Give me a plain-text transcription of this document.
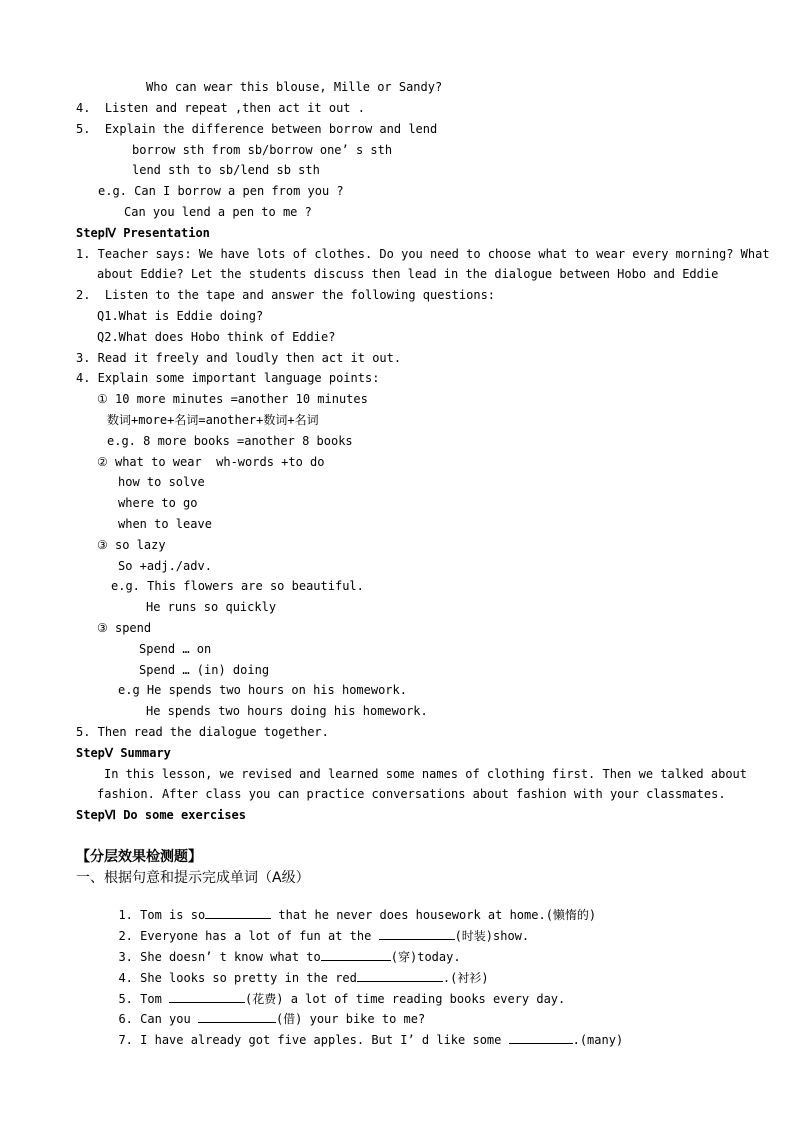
Who can wear this blouse, Mille or Sandy?
4.  Listen and repeat ,then act it out .
5.  Explain the difference between borrow and lend
borrow sth from sb/borrow one’ s sth
lend sth to sb/lend sb sth
e.g. Can I borrow a pen from you ?
Can you lend a pen to me ?
StepⅣ Presentation
1. Teacher says: We have lots of clothes. Do you need to choose what to wear every morning? What
about Eddie? Let the students discuss then lead in the dialogue between Hobo and Eddie
2.  Listen to the tape and answer the following questions:
Q1.What is Eddie doing?
Q2.What does Hobo think of Eddie?
3. Read it freely and loudly then act it out.
4. Explain some important language points:
① 10 more minutes =another 10 minutes
数词+more+名词=another+数词+名词
e.g. 8 more books =another 8 books
② what to wear  wh-words +to do
how to solve
where to go
when to leave
③ so lazy
So +adj./adv.
e.g. This flowers are so beautiful.
He runs so quickly
③ spend
Spend … on
Spend … (in) doing
e.g He spends two hours on his homework.
He spends two hours doing his homework.
5. Then read the dialogue together.
StepⅤ Summary
In this lesson, we revised and learned some names of clothing first. Then we talked about
fashion. After class you can practice conversations about fashion with your classmates.
StepⅥ Do some exercises
【分层效果检测题】
一、根据句意和提示完成单词（A级）

1. Tom is so	that he never does housework at home.(懒惰的)

2. Everyone has a lot of fun at the	(时装)show.

3. She doesn’ t know what to	(穿)today.

4. She looks so pretty in the red	.(衬衫)

5. Tom	(花费) a lot of time reading books every day.

6. Can you	(借) your bike to me?

7. I have already got five apples. But I’ d like some	.(many)
